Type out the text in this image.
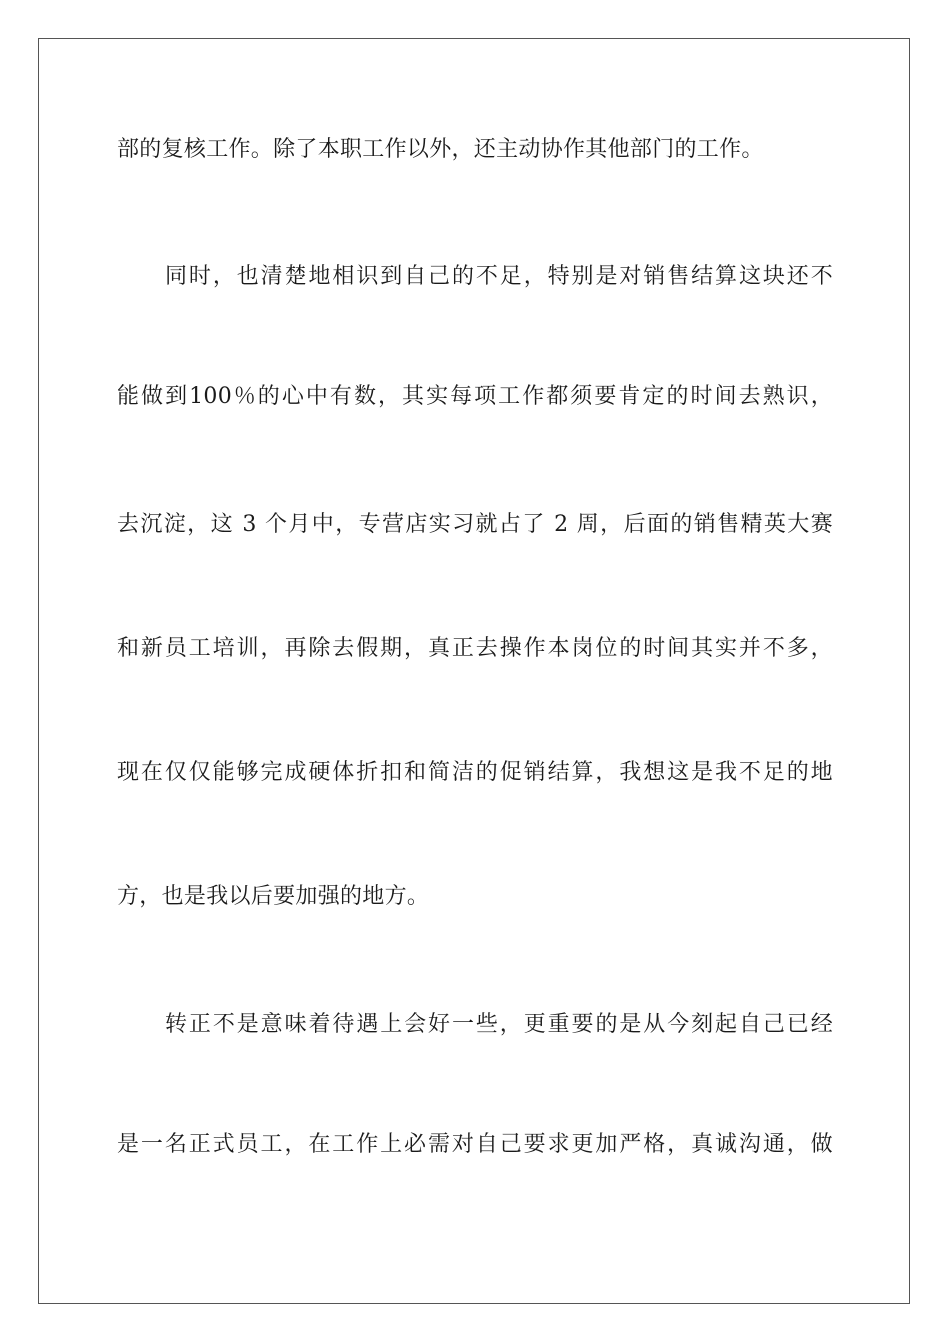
部的复核工作。除了本职工作以外，还主动协作其他部门的工作。
同时，也清楚地相识到自己的不足，特别是对销售结算这块还不
能做到100％的心中有数，其实每项工作都须要肯定的时间去熟识，
去沉淀，这 3 个月中，专营店实习就占了 2 周，后面的销售精英大赛
和新员工培训，再除去假期，真正去操作本岗位的时间其实并不多，
现在仅仅能够完成硬体折扣和简洁的促销结算，我想这是我不足的地
方，也是我以后要加强的地方。
转正不是意味着待遇上会好一些，更重要的是从今刻起自己已经
是一名正式员工，在工作上必需对自己要求更加严格，真诚沟通，做
